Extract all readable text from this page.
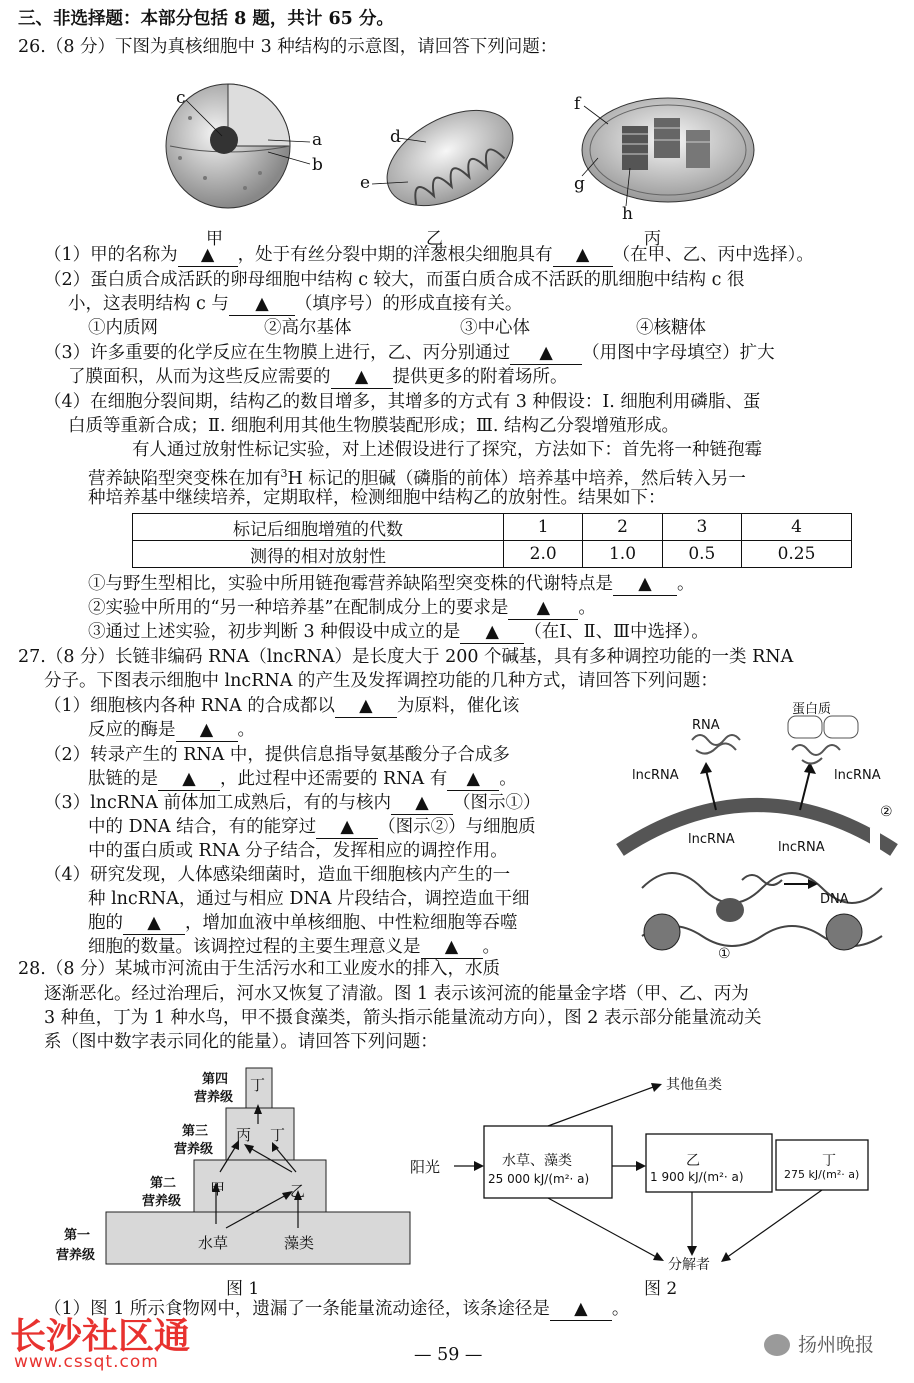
三、非选择题：本部分包括 8 题，共计 65 分。
26.（8 分）下图为真核细胞中 3 种结构的示意图，请回答下列问题：
c
a
b
d
e
f
g
h
甲	乙	丙
（1）甲的名称为 ▲ ，处于有丝分裂中期的洋葱根尖细胞具有 ▲ （在甲、乙、丙中选择）。
（2）蛋白质合成活跃的卵母细胞中结构 c 较大，而蛋白质合成不活跃的肌细胞中结构 c 很
小，这表明结构 c 与 ▲ （填序号）的形成直接有关。
①内质网	②高尔基体	③中心体	④核糖体
（3）许多重要的化学反应在生物膜上进行，乙、丙分别通过 ▲ （用图中字母填空）扩大
了膜面积，从而为这些反应需要的 ▲ 提供更多的附着场所。
（4）在细胞分裂间期，结构乙的数目增多，其增多的方式有 3 种假设：Ⅰ. 细胞利用磷脂、蛋
白质等重新合成；Ⅱ. 细胞利用其他生物膜装配形成；Ⅲ. 结构乙分裂增殖形成。
有人通过放射性标记实验，对上述假设进行了探究，方法如下：首先将一种链孢霉
营养缺陷型突变株在加有$^3$H 标记的胆碱（磷脂的前体）培养基中培养，然后转入另一
种培养基中继续培养，定期取样，检测细胞中结构乙的放射性。结果如下：
标记后细胞增殖的代数	1	2	3	4
测得的相对放射性	2.0	1.0	0.5	0.25
①与野生型相比，实验中所用链孢霉营养缺陷型突变株的代谢特点是 ▲ 。
②实验中所用的“另一种培养基”在配制成分上的要求是 ▲ 。
③通过上述实验，初步判断 3 种假设中成立的是 ▲ （在Ⅰ、Ⅱ、Ⅲ中选择）。
27.（8 分）长链非编码 RNA（lncRNA）是长度大于 200 个碱基，具有多种调控功能的一类 RNA
分子。下图表示细胞中 lncRNA 的产生及发挥调控功能的几种方式，请回答下列问题：
（1）细胞核内各种 RNA 的合成都以 ▲ 为原料，催化该
反应的酶是 ▲ 。
（2）转录产生的 RNA 中，提供信息指导氨基酸分子合成多
肽链的是 ▲ ，此过程中还需要的 RNA 有 ▲ 。
（3）lncRNA 前体加工成熟后，有的与核内 ▲ （图示①）
中的 DNA 结合，有的能穿过 ▲ （图示②）与细胞质
中的蛋白质或 RNA 分子结合，发挥相应的调控作用。
（4）研究发现，人体感染细菌时，造血干细胞核内产生的一
种 lncRNA，通过与相应 DNA 片段结合，调控造血干细
胞的 ▲ ，增加血液中单核细胞、中性粒细胞等吞噬
细胞的数量。该调控过程的主要生理意义是 ▲ 。
RNA
蛋白质
lncRNA	lncRNA
lncRNA
lncRNA
DNA
①
②
28.（8 分）某城市河流由于生活污水和工业废水的排入，水质
逐渐恶化。经过治理后，河水又恢复了清澈。图 1 表示该河流的能量金字塔（甲、乙、丙为
3 种鱼，丁为 1 种水鸟，甲不摄食藻类，箭头指示能量流动方向），图 2 表示部分能量流动关
系（图中数字表示同化的能量）。请回答下列问题：
第四
营养级
第三
营养级
第二
营养级
第一
营养级
丁
丙 丁
甲	乙
水草	藻类
图 1
其他鱼类
阳光	水草、藻类
25 000 kJ/(m²· a)
乙
1 900 kJ/(m²· a)
丁
275 kJ/(m²· a)
分解者
图 2
（1）图 1 所示食物网中，遗漏了一条能量流动途径，该条途径是 ▲ 。
— 59 —
长沙社区通
www.cssqt.com
扬州晚报
